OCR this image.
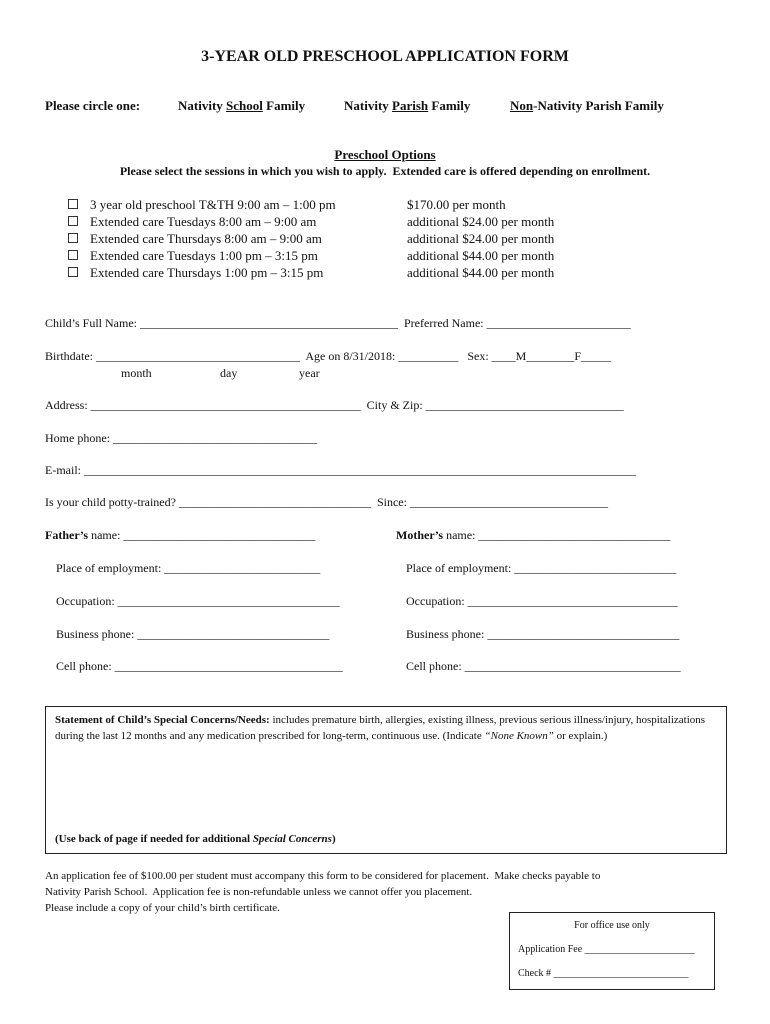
3-YEAR OLD PRESCHOOL APPLICATION FORM
Please circle one:	Nativity School Family	Nativity Parish Family	Non-Nativity Parish Family
Preschool Options
Please select the sessions in which you wish to apply.  Extended care is offered depending on enrollment.
3 year old preschool T&TH 9:00 am – 1:00 pm	$170.00 per month
Extended care Tuesdays 8:00 am – 9:00 am	additional $24.00 per month
Extended care Thursdays 8:00 am – 9:00 am	additional $24.00 per month
Extended care Tuesdays 1:00 pm – 3:15 pm	additional $44.00 per month
Extended care Thursdays 1:00 pm – 3:15 pm	additional $44.00 per month
Child’s Full Name: ___________________________________________  Preferred Name: ________________________
Birthdate: __________________________________  Age on 8/31/2018: __________   Sex: ____M________F_____
month	day	year
Address: _____________________________________________  City & Zip: _________________________________
Home phone: __________________________________
E-mail: ____________________________________________________________________________________________
Is your child potty-trained? ________________________________  Since: _________________________________
Father’s name: ________________________________	Mother’s name: ________________________________
Place of employment: __________________________	Place of employment: ___________________________
Occupation: _____________________________________	Occupation: ___________________________________
Business phone: ________________________________	Business phone: ________________________________
Cell phone: ______________________________________	Cell phone: ____________________________________
Statement of Child’s Special Concerns/Needs: includes premature birth, allergies, existing illness, previous serious illness/injury, hospitalizations during the last 12 months and any medication prescribed for long-term, continuous use. (Indicate “None Known” or explain.)
(Use back of page if needed for additional Special Concerns)
An application fee of $100.00 per student must accompany this form to be considered for placement.  Make checks payable to
Nativity Parish School.  Application fee is non-refundable unless we cannot offer you placement.
Please include a copy of your child’s birth certificate.
For office use only
Application Fee ______________________
Check # ___________________________
